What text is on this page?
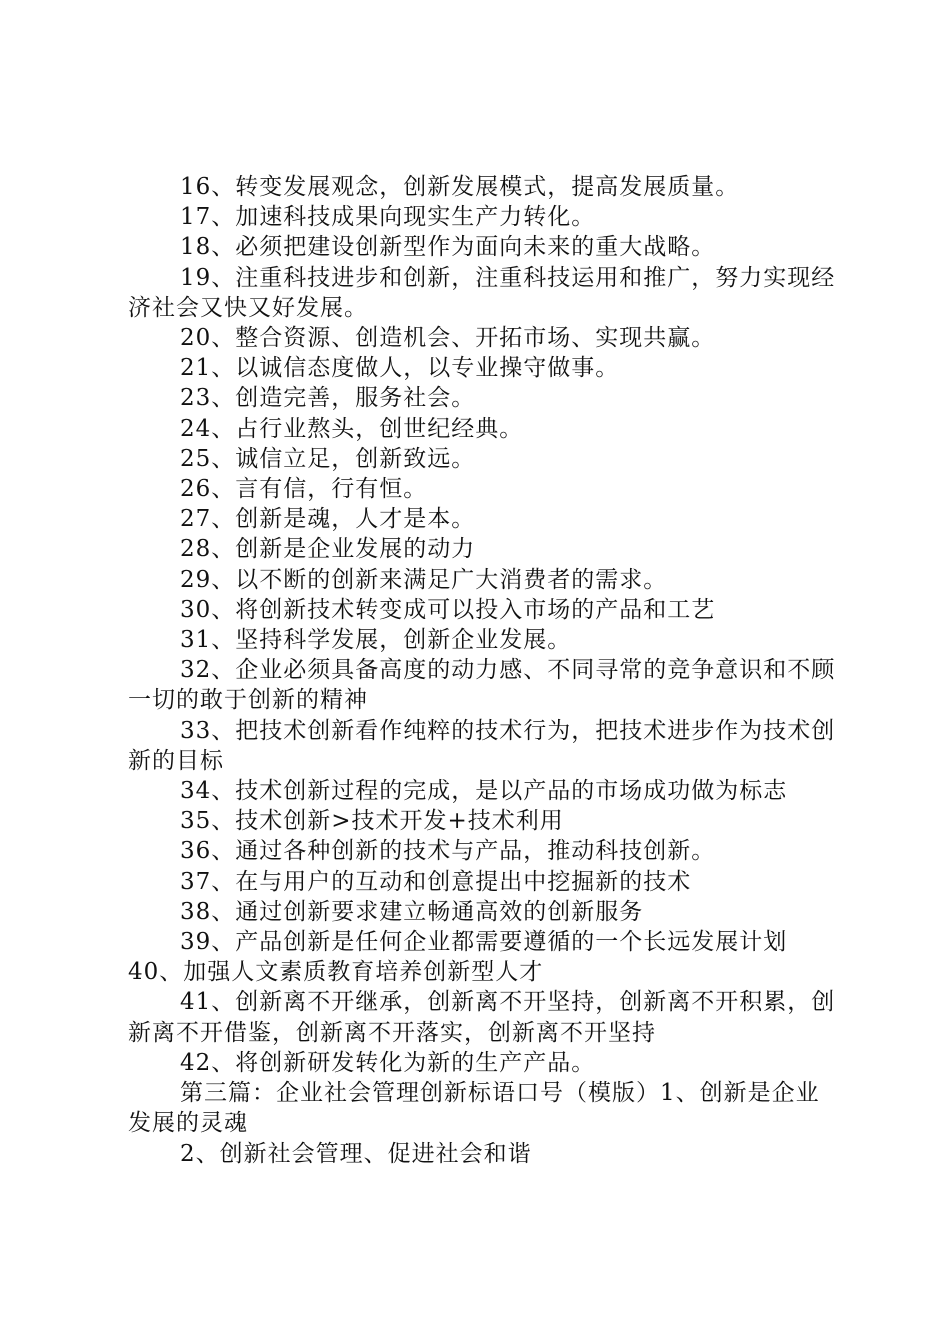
16、转变发展观念，创新发展模式，提高发展质量。

17、加速科技成果向现实生产力转化。

18、必须把建设创新型作为面向未来的重大战略。

19、注重科技进步和创新，注重科技运用和推广，努力实现经济社会又快又好发展。

20、整合资源、创造机会、开拓市场、实现共赢。

21、以诚信态度做人，以专业操守做事。

23、创造完善，服务社会。

24、占行业熬头，创世纪经典。

25、诚信立足，创新致远。

26、言有信，行有恒。

27、创新是魂，人才是本。

28、创新是企业发展的动力

29、以不断的创新来满足广大消费者的需求。

30、将创新技术转变成可以投入市场的产品和工艺

31、坚持科学发展，创新企业发展。

32、企业必须具备高度的动力感、不同寻常的竞争意识和不顾一切的敢于创新的精神

33、把技术创新看作纯粹的技术行为，把技术进步作为技术创新的目标

34、技术创新过程的完成，是以产品的市场成功做为标志

35、技术创新>技术开发+技术利用

36、通过各种创新的技术与产品，推动科技创新。

37、在与用户的互动和创意提出中挖掘新的技术

38、通过创新要求建立畅通高效的创新服务

39、产品创新是任何企业都需要遵循的一个长远发展计划

40、加强人文素质教育培养创新型人才

41、创新离不开继承，创新离不开坚持，创新离不开积累，创新离不开借鉴，创新离不开落实，创新离不开坚持

42、将创新研发转化为新的生产产品。

第三篇：企业社会管理创新标语口号（模版）1、创新是企业发展的灵魂

2、创新社会管理、促进社会和谐
